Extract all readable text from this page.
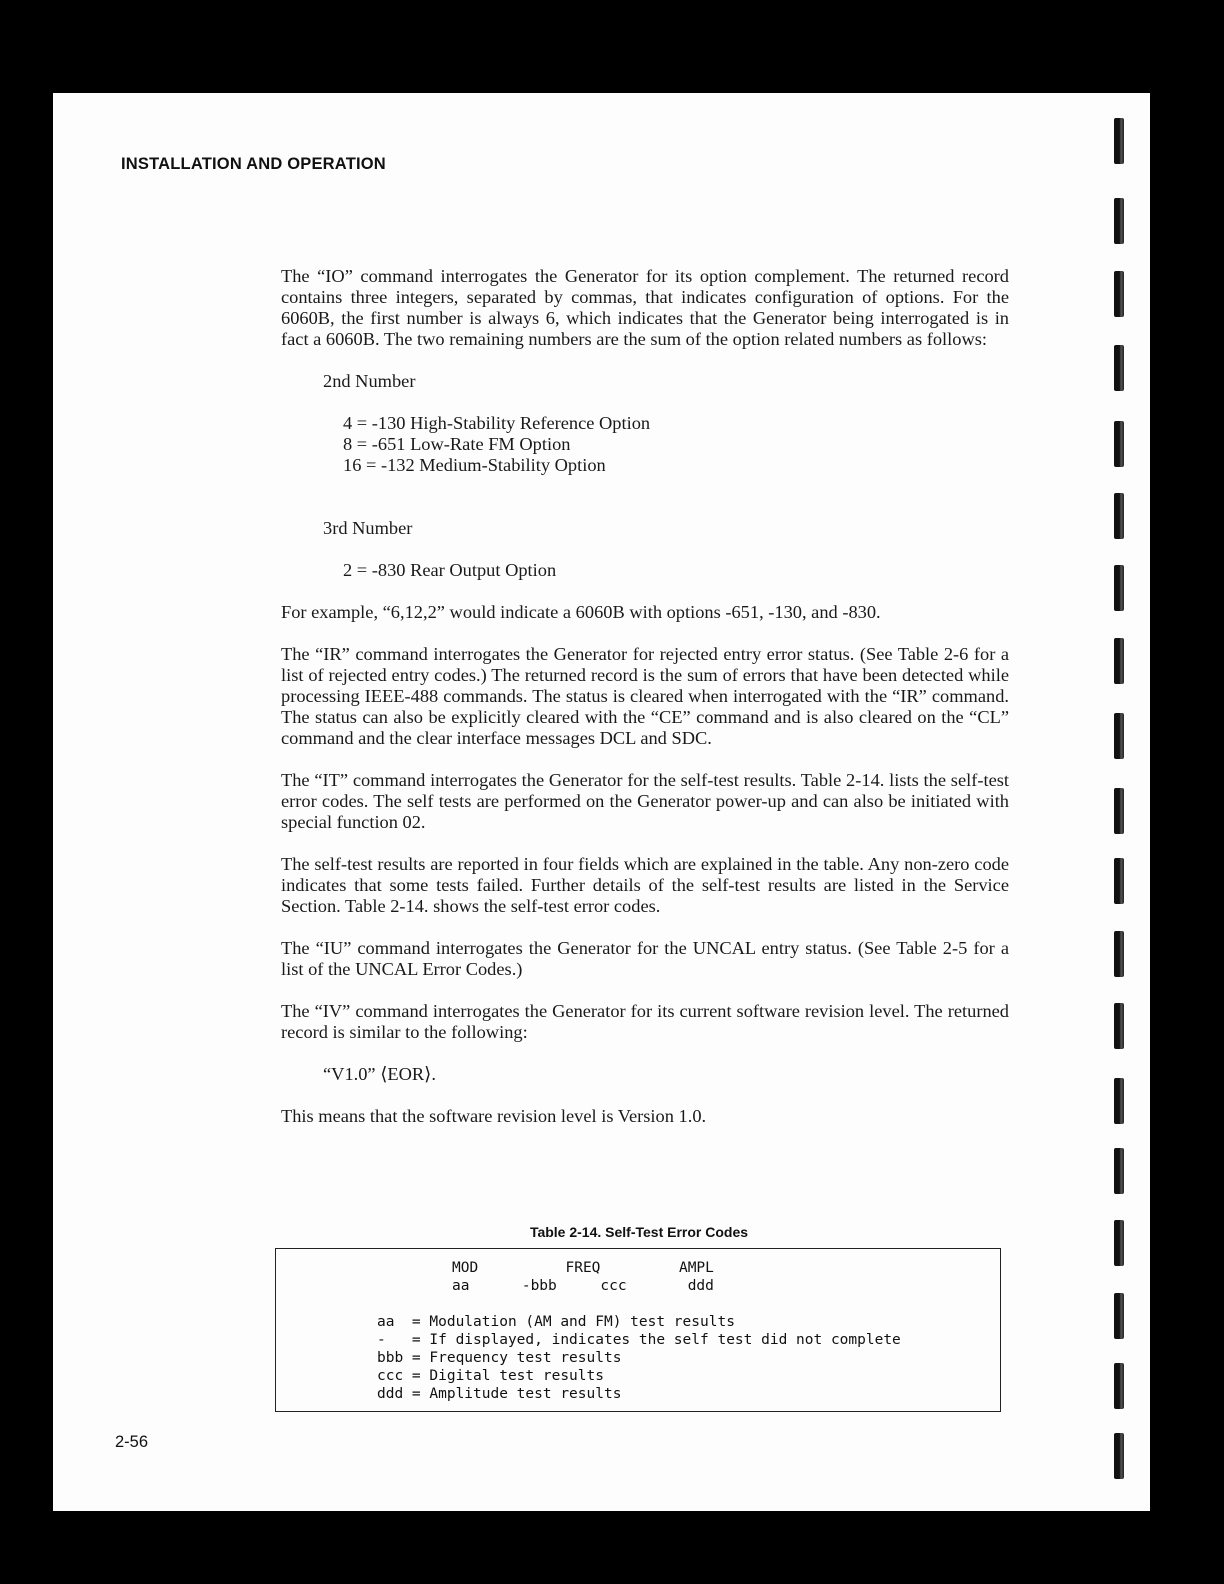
INSTALLATION AND OPERATION

The “IO” command interrogates the Generator for its option complement. The returned record contains three integers, separated by commas, that indicates configuration of options. For the 6060B, the first number is always 6, which indicates that the Generator being interrogated is in fact a 6060B. The two remaining numbers are the sum of the option related numbers as follows:

2nd Number

4 = -130 High-Stability Reference Option

8 = -651 Low-Rate FM Option

16 = -132 Medium-Stability Option

3rd Number

2 = -830 Rear Output Option

For example, “6,12,2” would indicate a 6060B with options -651, -130, and -830.

The “IR” command interrogates the Generator for rejected entry error status. (See Table 2-6 for a list of rejected entry codes.) The returned record is the sum of errors that have been detected while processing IEEE-488 commands. The status is cleared when interrogated with the “IR” command. The status can also be explicitly cleared with the “CE” command and is also cleared on the “CL” command and the clear interface messages DCL and SDC.

The “IT” command interrogates the Generator for the self-test results. Table 2-14. lists the self-test error codes. The self tests are performed on the Generator power-up and can also be initiated with special function 02.

The self-test results are reported in four fields which are explained in the table. Any non-zero code indicates that some tests failed. Further details of the self-test results are listed in the Service Section. Table 2-14. shows the self-test error codes.

The “IU” command interrogates the Generator for the UNCAL entry status. (See Table 2-5 for a list of the UNCAL Error Codes.)

The “IV” command interrogates the Generator for its current software revision level. The returned record is similar to the following:

“V1.0” ⟨EOR⟩.

This means that the software revision level is Version 1.0.

Table 2-14. Self-Test Error Codes
MOD          FREQ         AMPL
aa      -bbb     ccc       ddd
aa  = Modulation (AM and FM) test results
-   = If displayed, indicates the self test did not complete
bbb = Frequency test results
ccc = Digital test results
ddd = Amplitude test results
2-56
